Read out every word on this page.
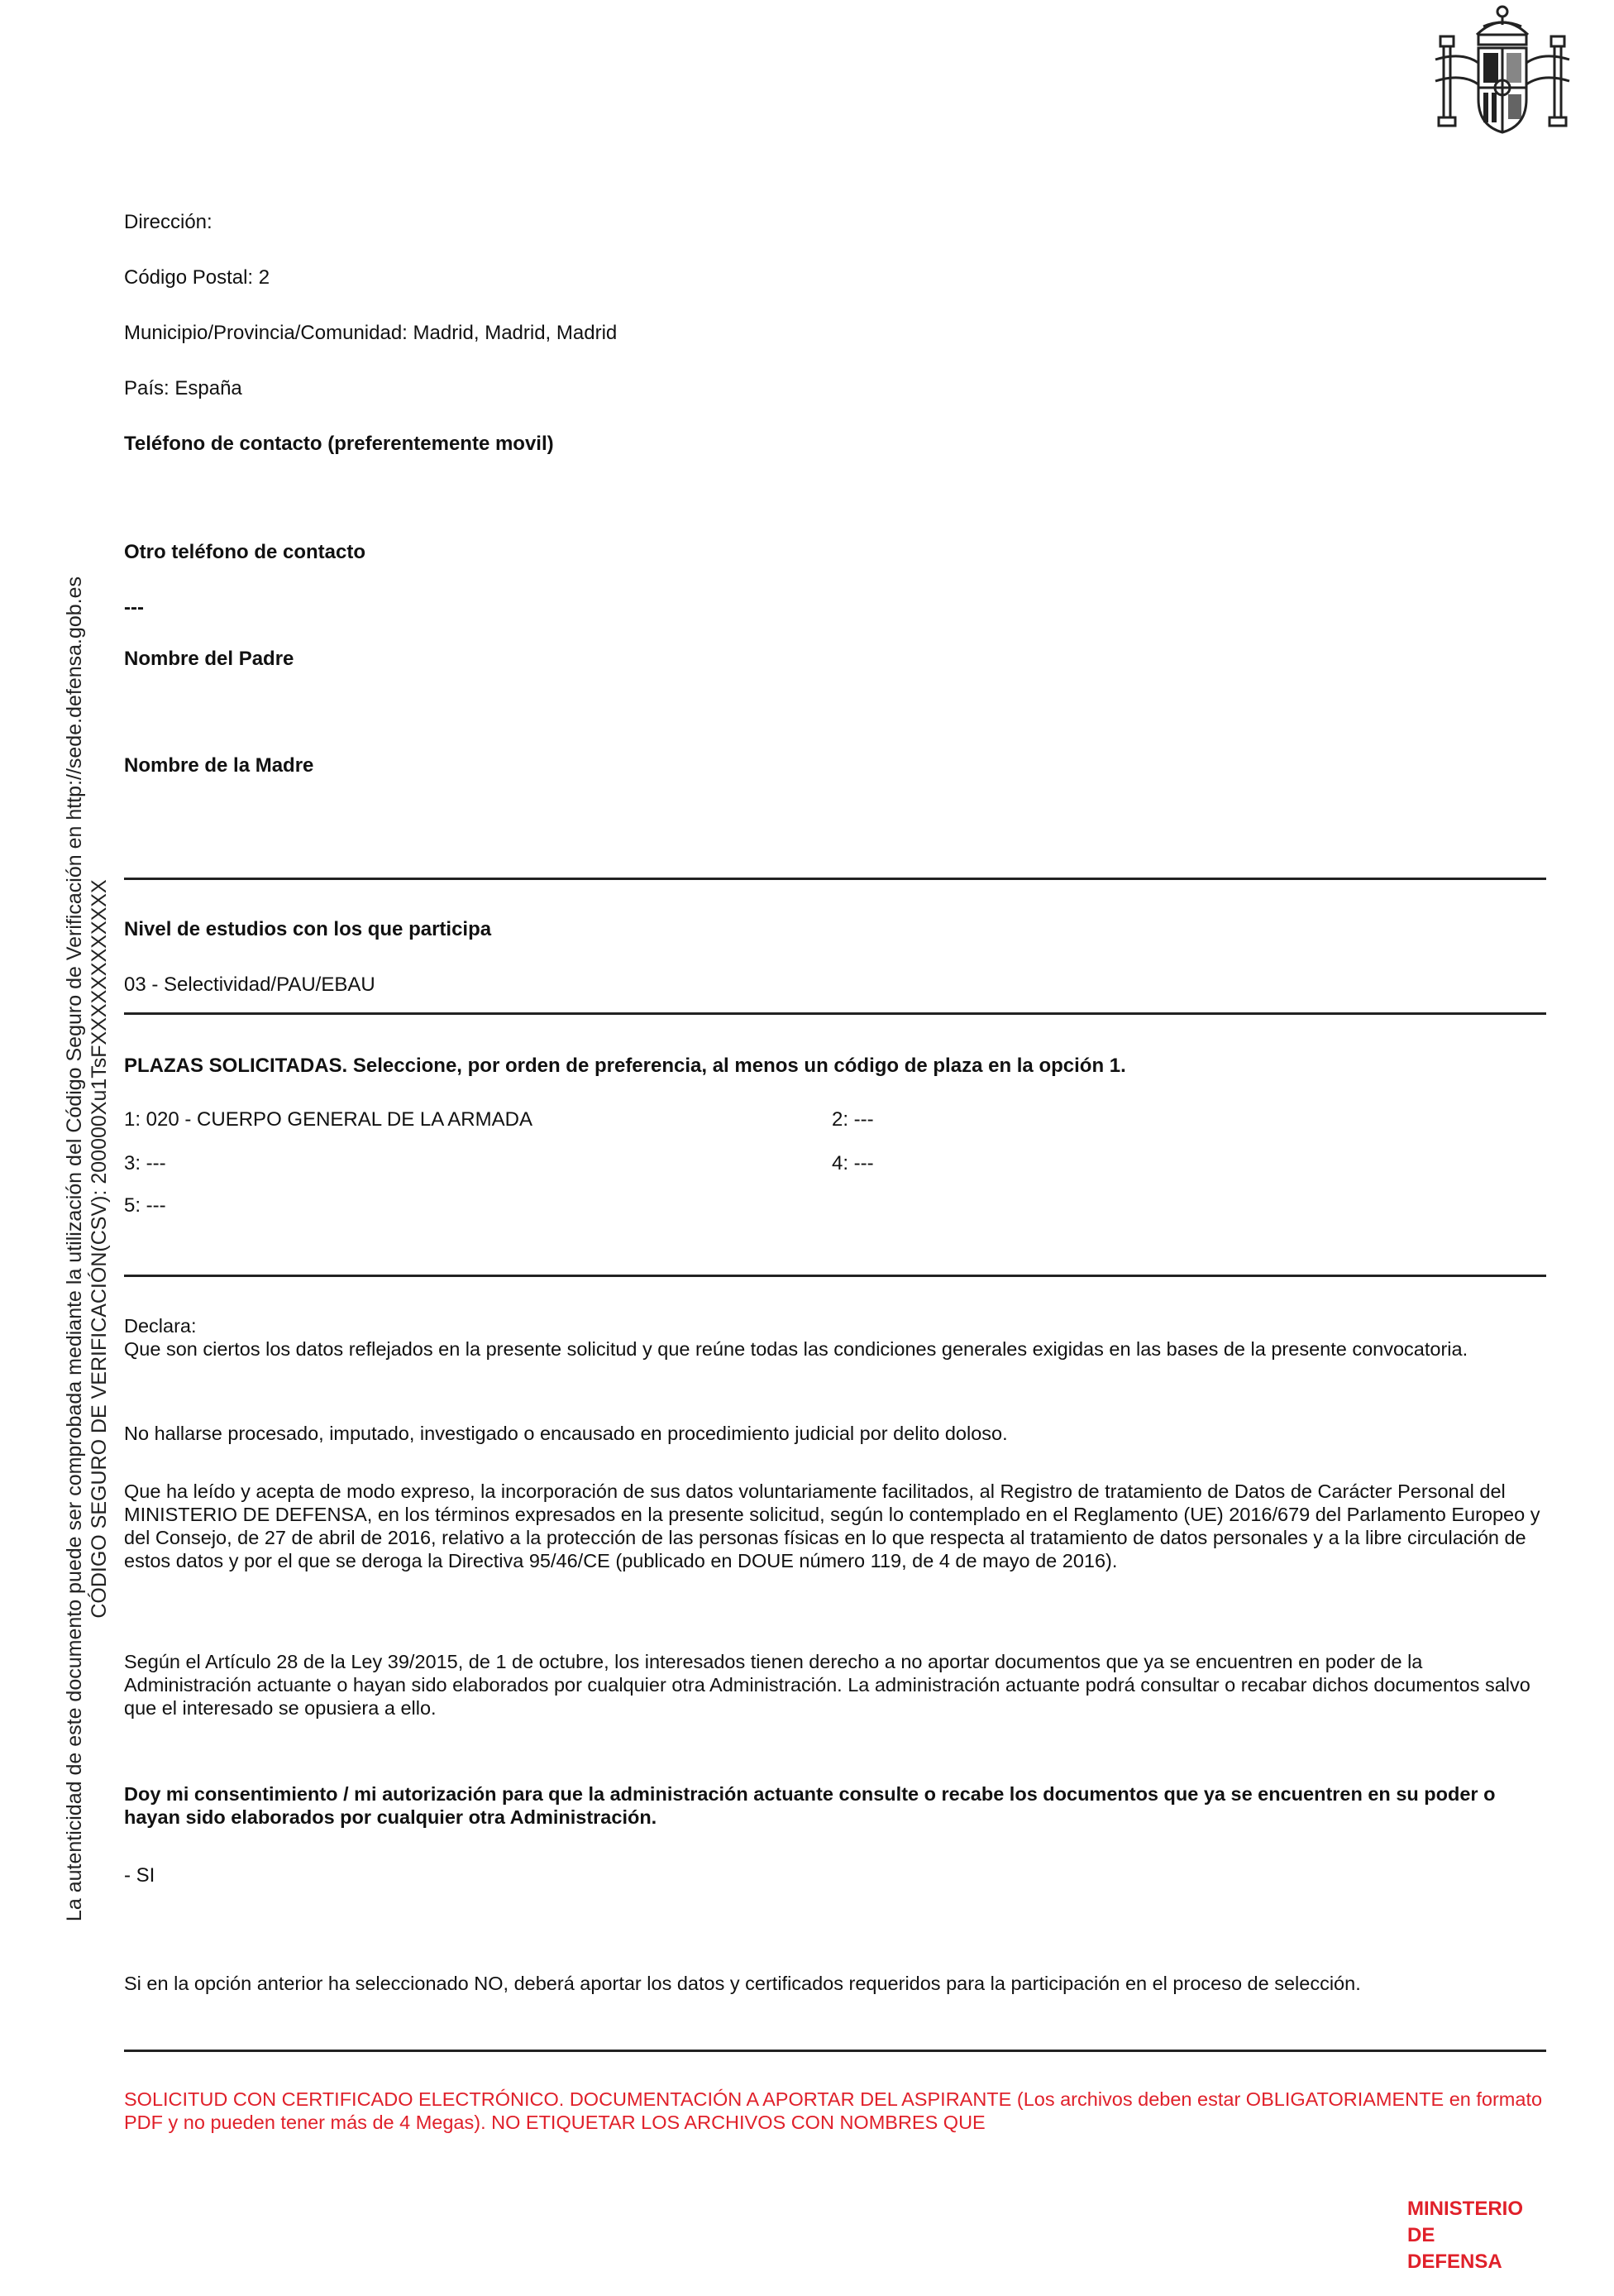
La autenticidad de este documento puede ser comprobada mediante la utilización del Código Seguro de Verificación en http://sede.defensa.gob.es CÓDIGO SEGURO DE VERIFICACIÓN(CSV): 200000Xu1TsFXXXXXXXXXXXX
Dirección:
Código Postal: 2
Municipio/Provincia/Comunidad: Madrid, Madrid, Madrid
País: España
Teléfono de contacto (preferentemente movil)
Otro teléfono de contacto
---
Nombre del Padre
Nombre de la Madre
Nivel de estudios con los que participa
03 - Selectividad/PAU/EBAU
PLAZAS SOLICITADAS. Seleccione, por orden de preferencia, al menos un código de plaza en la opción 1.
1: 020 - CUERPO GENERAL DE LA ARMADA	2: ---
3: ---	4: ---
5: ---
Declara:
Que son ciertos los datos reflejados en la presente solicitud y que reúne todas las condiciones generales exigidas en las bases de la presente convocatoria.
No hallarse procesado, imputado, investigado o encausado en procedimiento judicial por delito doloso.
Que ha leído y acepta de modo expreso, la incorporación de sus datos voluntariamente facilitados, al Registro de tratamiento de Datos de Carácter Personal del MINISTERIO DE DEFENSA, en los términos expresados en la presente solicitud, según lo contemplado en el Reglamento (UE) 2016/679 del Parlamento Europeo y del Consejo, de 27 de abril de 2016, relativo a la protección de las personas físicas en lo que respecta al tratamiento de datos personales y a la libre circulación de estos datos y por el que se deroga la Directiva 95/46/CE (publicado en DOUE número 119, de 4 de mayo de 2016).
Según el Artículo 28 de la Ley 39/2015, de 1 de octubre, los interesados tienen derecho a no aportar documentos que ya se encuentren en poder de la Administración actuante o hayan sido elaborados por cualquier otra Administración. La administración actuante podrá consultar o recabar dichos documentos salvo que el interesado se opusiera a ello.
Doy mi consentimiento / mi autorización para que la administración actuante consulte o recabe los documentos que ya se encuentren en su poder o hayan sido elaborados por cualquier otra Administración.
- SI
Si en la opción anterior ha seleccionado NO, deberá aportar los datos y certificados requeridos para la participación en el proceso de selección.
SOLICITUD CON CERTIFICADO ELECTRÓNICO. DOCUMENTACIÓN A APORTAR DEL ASPIRANTE (Los archivos deben estar OBLIGATORIAMENTE en formato PDF y no pueden tener más de 4 Megas). NO ETIQUETAR LOS ARCHIVOS CON NOMBRES QUE
MINISTERIO
DE
DEFENSA
